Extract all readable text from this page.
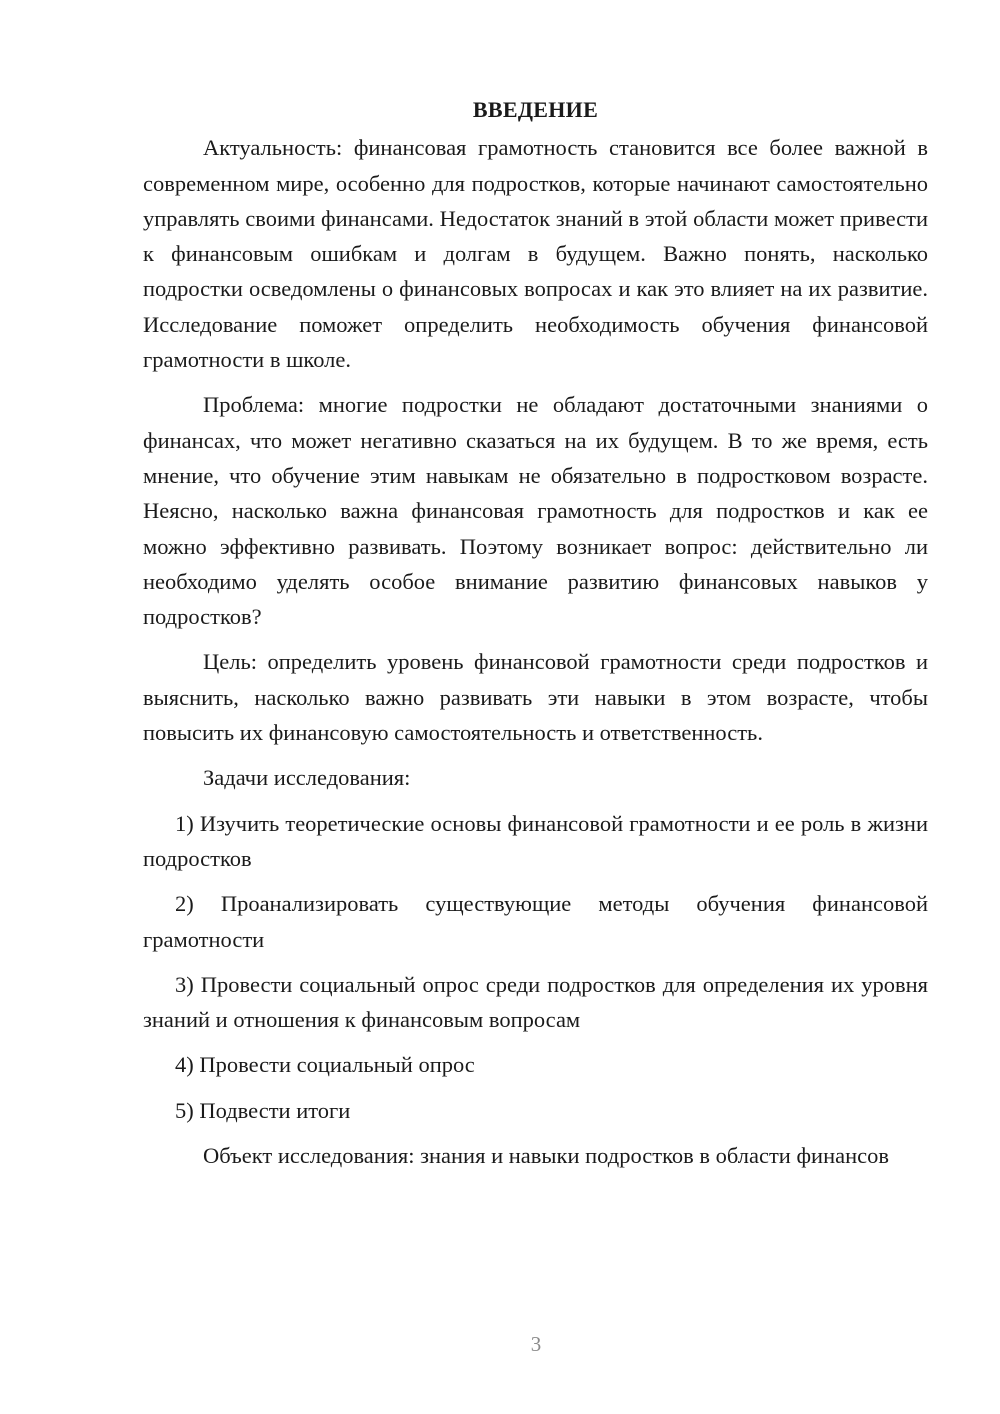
ВВЕДЕНИЕ

Актуальность: финансовая грамотность становится все более важной в современном мире, особенно для подростков, которые начинают самостоятельно управлять своими финансами. Недостаток знаний в этой области может привести к финансовым ошибкам и долгам в будущем. Важно понять, насколько подростки осведомлены о финансовых вопросах и как это влияет на их развитие. Исследование поможет определить необходимость обучения финансовой грамотности в школе.

Проблема: многие подростки не обладают достаточными знаниями о финансах, что может негативно сказаться на их будущем. В то же время, есть мнение, что обучение этим навыкам не обязательно в подростковом возрасте. Неясно, насколько важна финансовая грамотность для подростков и как ее можно эффективно развивать. Поэтому возникает вопрос: действительно ли необходимо уделять особое внимание развитию финансовых навыков у подростков?

Цель: определить уровень финансовой грамотности среди подростков и выяснить, насколько важно развивать эти навыки в этом возрасте, чтобы повысить их финансовую самостоятельность и ответственность.

Задачи исследования:

1) Изучить теоретические основы финансовой грамотности и ее роль в жизни подростков

2) Проанализировать существующие методы обучения финансовой грамотности

3) Провести социальный опрос среди подростков для определения их уровня знаний и отношения к финансовым вопросам

4) Провести социальный опрос

5) Подвести итоги

Объект исследования: знания и навыки подростков в области финансов

3
